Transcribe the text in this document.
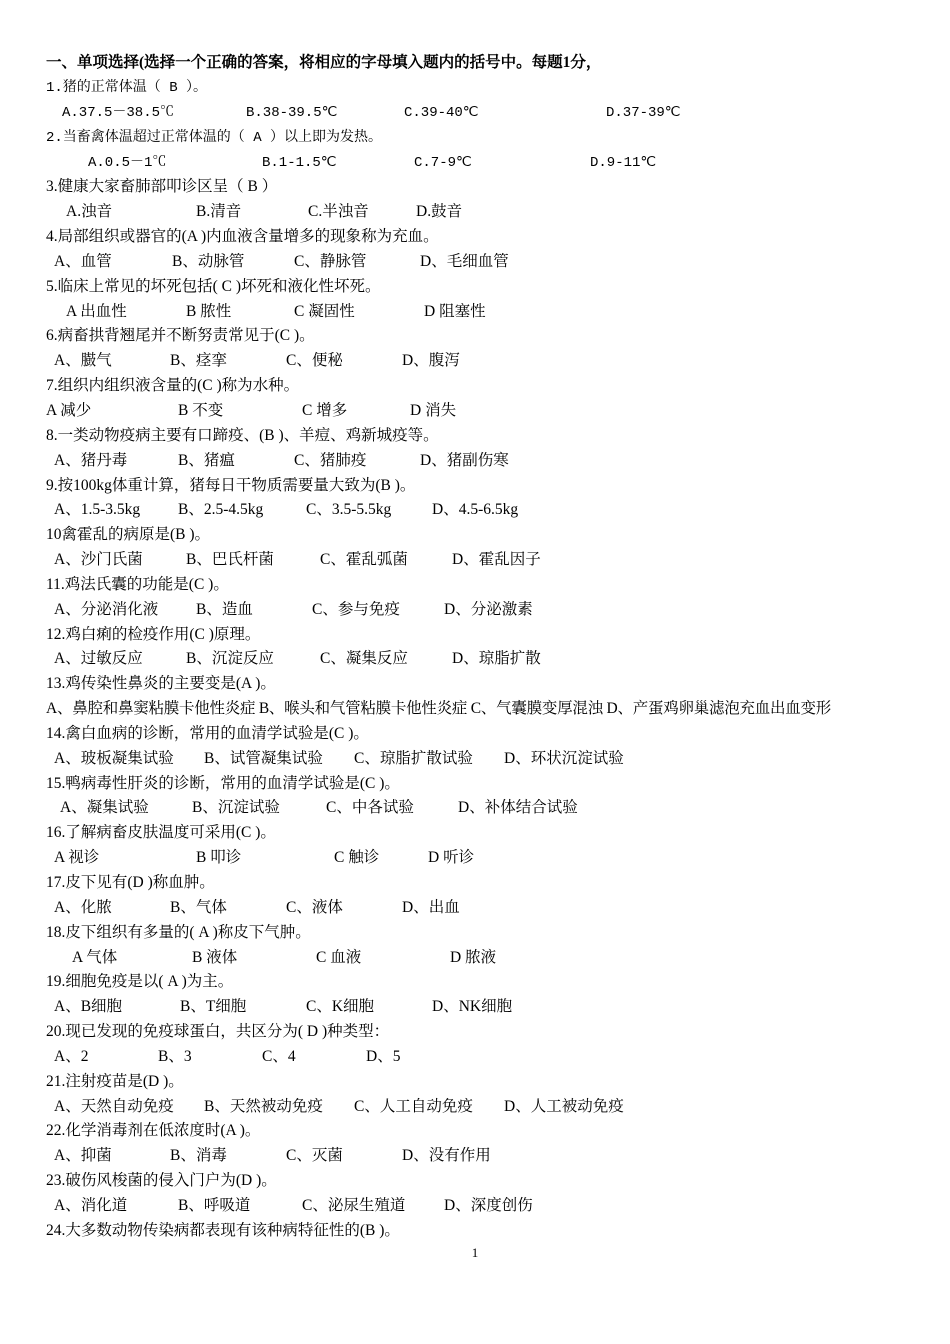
一、单项选择(选择一个正确的答案，将相应的字母填入题内的括号中。每题1分，
1.猪的正常体温（ B ）。
A.37.5－38.5℃	B.38-39.5℃	C.39-40℃	D.37-39℃
2.当畜禽体温超过正常体温的（ A ）以上即为发热。
A.0.5－1℃	B.1-1.5℃	C.7-9℃	D.9-11℃
3.健康大家畜肺部叩诊区呈（ B ）
A.浊音	B.清音	C.半浊音	D.鼓音
4.局部组织或器官的(A )内血液含量增多的现象称为充血。
A、血管	B、动脉管	C、静脉管	D、毛细血管
5.临床上常见的坏死包括( C )坏死和液化性坏死。
A 出血性	B 脓性	C 凝固性	D 阻塞性
6.病畜拱背翘尾并不断努责常见于(C )。
A、臌气	B、痉挛	C、便秘	D、腹泻
7.组织内组织液含量的(C )称为水种。
A 减少	B 不变	C 增多	D 消失
8.一类动物疫病主要有口蹄疫、(B )、羊痘、鸡新城疫等。
A、猪丹毒	B、猪瘟	C、猪肺疫	D、猪副伤寒
9.按100kg体重计算，猪每日干物质需要量大致为(B )。
A、1.5-3.5kg B、2.5-4.5kg	C、3.5-5.5kg	D、4.5-6.5kg
10禽霍乱的病原是(B )。
A、沙门氏菌	B、巴氏杆菌	C、霍乱弧菌	D、霍乱因子
11.鸡法氏囊的功能是(C )。
A、分泌消化液 B、造血	C、参与免疫	D、分泌激素
12.鸡白痢的检疫作用(C )原理。
A、过敏反应	B、沉淀反应	C、凝集反应	D、琼脂扩散
13.鸡传染性鼻炎的主要变是(A )。
A、鼻腔和鼻窦粘膜卡他性炎症 B、喉头和气管粘膜卡他性炎症 C、气囊膜变厚混浊 D、产蛋鸡卵巢滤泡充血出血变形
14.禽白血病的诊断，常用的血清学试验是(C )。
A、玻板凝集试验 B、试管凝集试验 C、琼脂扩散试验 D、环状沉淀试验
15.鸭病毒性肝炎的诊断，常用的血清学试验是(C )。
A、凝集试验	B、沉淀试验	C、中各试验	D、补体结合试验
16.了解病畜皮肤温度可采用(C )。
A 视诊	B 叩诊	C 触诊	D 听诊
17.皮下见有(D )称血肿。
A、化脓	B、气体	C、液体	D、出血
18.皮下组织有多量的( A )称皮下气肿。
A 气体	B 液体	C 血液	D 脓液
19.细胞免疫是以( A )为主。
A、B细胞	B、T细胞	C、K细胞	D、NK细胞
20.现已发现的免疫球蛋白，共区分为( D )种类型：
A、2	B、3	C、4	D、5
21.注射疫苗是(D )。
A、天然自动免疫 B、天然被动免疫 C、人工自动免疫 D、人工被动免疫
22.化学消毒剂在低浓度时(A )。
A、抑菌	B、消毒	C、灭菌	D、没有作用
23.破伤风梭菌的侵入门户为(D )。
A、消化道	B、呼吸道	C、泌尿生殖道 D、深度创伤
24.大多数动物传染病都表现有该种病特征性的(B )。
1
